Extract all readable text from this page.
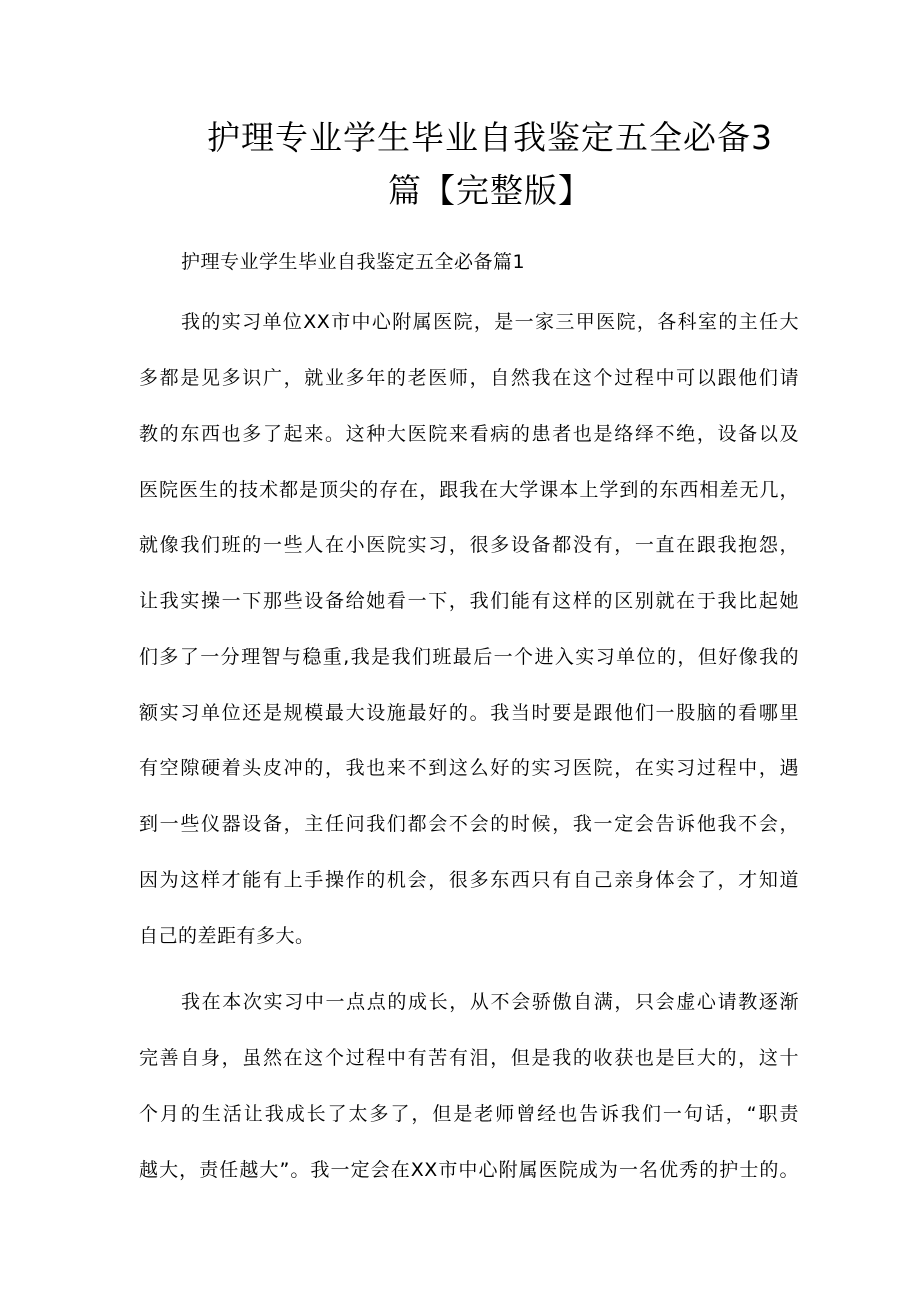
护理专业学生毕业自我鉴定五全必备3
篇【完整版】
护理专业学生毕业自我鉴定五全必备篇1
我的实习单位XX市中心附属医院，是一家三甲医院，各科室的主任大
多都是见多识广，就业多年的老医师，自然我在这个过程中可以跟他们请
教的东西也多了起来。这种大医院来看病的患者也是络绎不绝，设备以及
医院医生的技术都是顶尖的存在，跟我在大学课本上学到的东西相差无几，
就像我们班的一些人在小医院实习，很多设备都没有，一直在跟我抱怨，
让我实操一下那些设备给她看一下，我们能有这样的区别就在于我比起她
们多了一分理智与稳重,我是我们班最后一个进入实习单位的，但好像我的
额实习单位还是规模最大设施最好的。我当时要是跟他们一股脑的看哪里
有空隙硬着头皮冲的，我也来不到这么好的实习医院，在实习过程中，遇
到一些仪器设备，主任问我们都会不会的时候，我一定会告诉他我不会，
因为这样才能有上手操作的机会，很多东西只有自己亲身体会了，才知道
自己的差距有多大。
我在本次实习中一点点的成长，从不会骄傲自满，只会虚心请教逐渐
完善自身，虽然在这个过程中有苦有泪，但是我的收获也是巨大的，这十
个月的生活让我成长了太多了，但是老师曾经也告诉我们一句话，“职责
越大，责任越大”。我一定会在XX市中心附属医院成为一名优秀的护士的。
